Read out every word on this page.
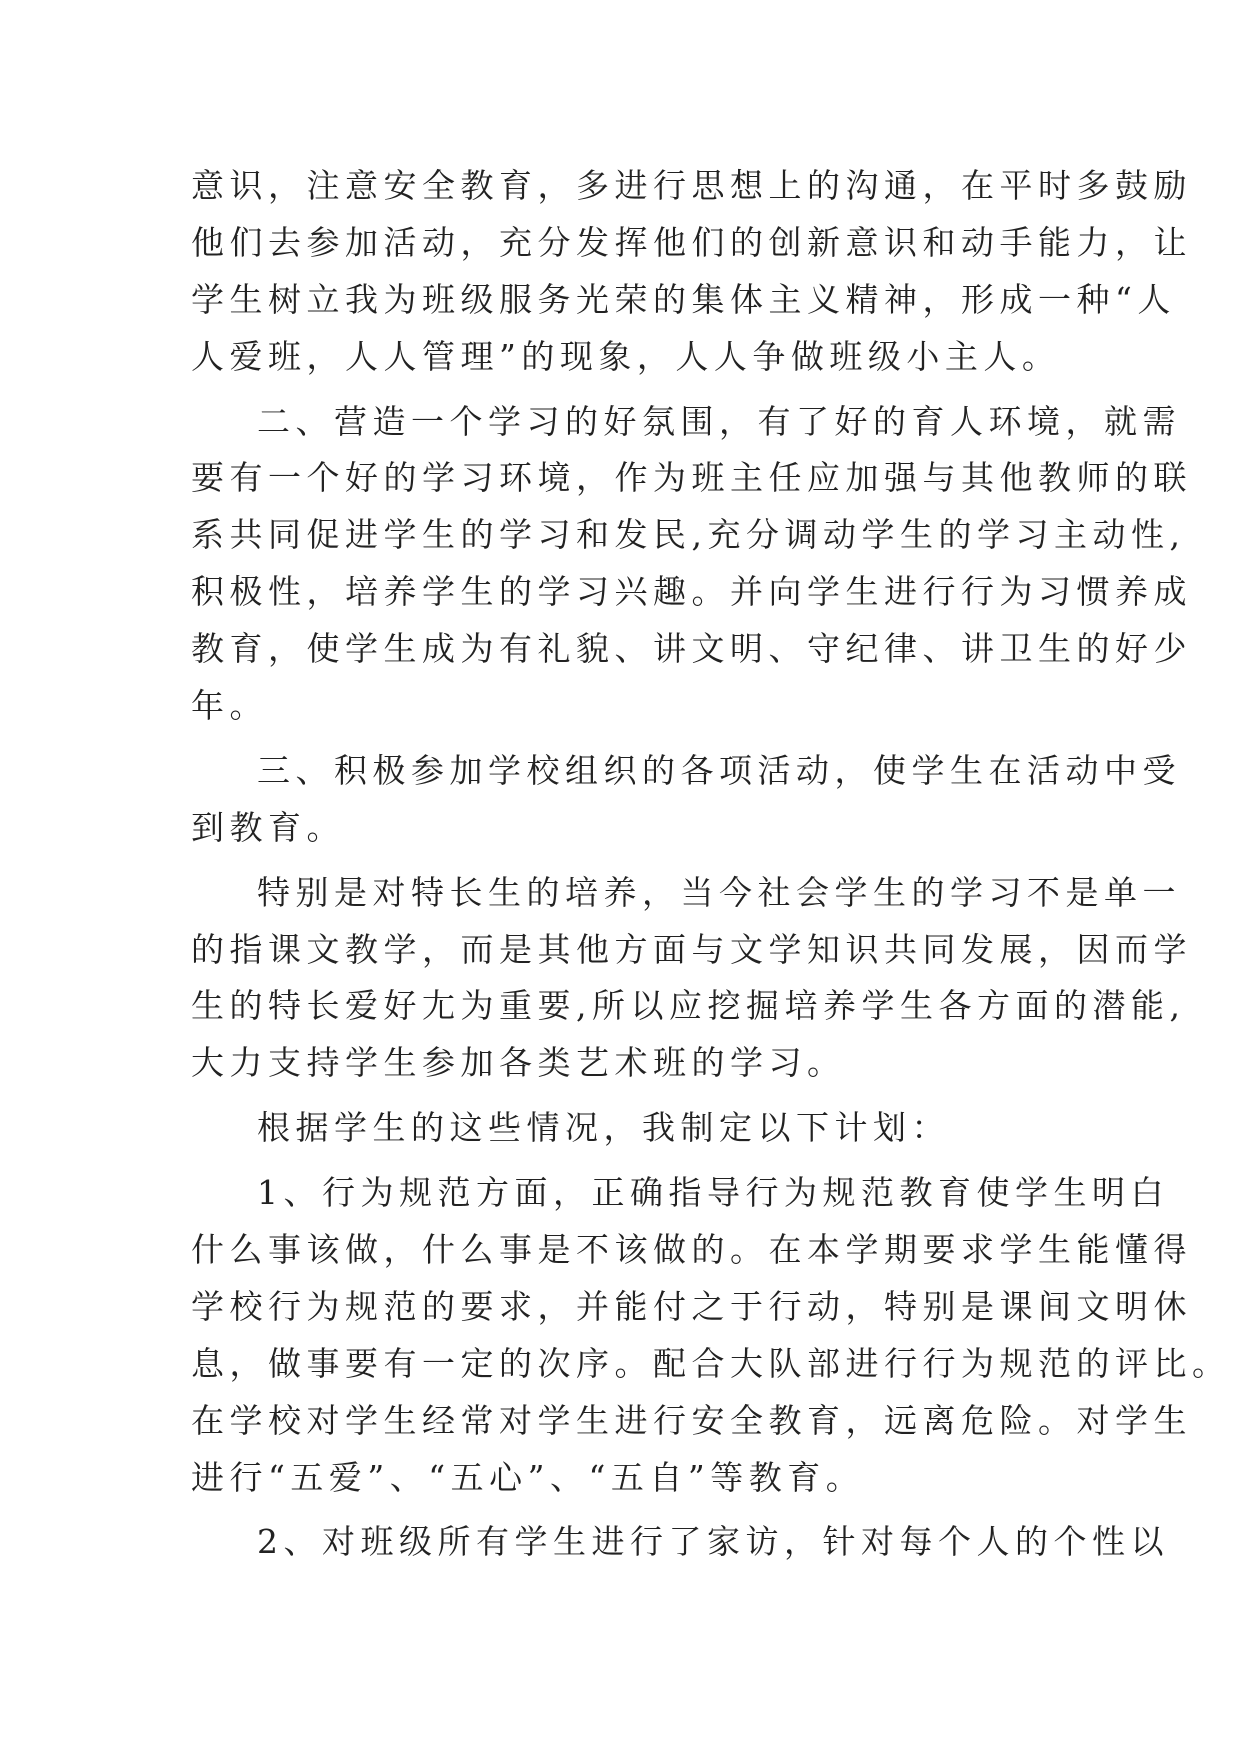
意识，注意安全教育，多进行思想上的沟通，在平时多鼓励
他们去参加活动，充分发挥他们的创新意识和动手能力，让
学生树立我为班级服务光荣的集体主义精神，形成一种“人
人爱班，人人管理”的现象，人人争做班级小主人。
二、营造一个学习的好氛围，有了好的育人环境，就需
要有一个好的学习环境，作为班主任应加强与其他教师的联
系共同促进学生的学习和发民,充分调动学生的学习主动性,
积极性，培养学生的学习兴趣。并向学生进行行为习惯养成
教育，使学生成为有礼貌、讲文明、守纪律、讲卫生的好少
年。
三、积极参加学校组织的各项活动，使学生在活动中受
到教育。
特别是对特长生的培养，当今社会学生的学习不是单一
的指课文教学，而是其他方面与文学知识共同发展，因而学
生的特长爱好尢为重要,所以应挖掘培养学生各方面的潜能,
大力支持学生参加各类艺术班的学习。
根据学生的这些情况，我制定以下计划：
1、行为规范方面，正确指导行为规范教育使学生明白
什么事该做，什么事是不该做的。在本学期要求学生能懂得
学校行为规范的要求，并能付之于行动，特别是课间文明休
息，做事要有一定的次序。配合大队部进行行为规范的评比。
在学校对学生经常对学生进行安全教育，远离危险。对学生
进行“五爱”、“五心”、“五自”等教育。
2、对班级所有学生进行了家访，针对每个人的个性以
